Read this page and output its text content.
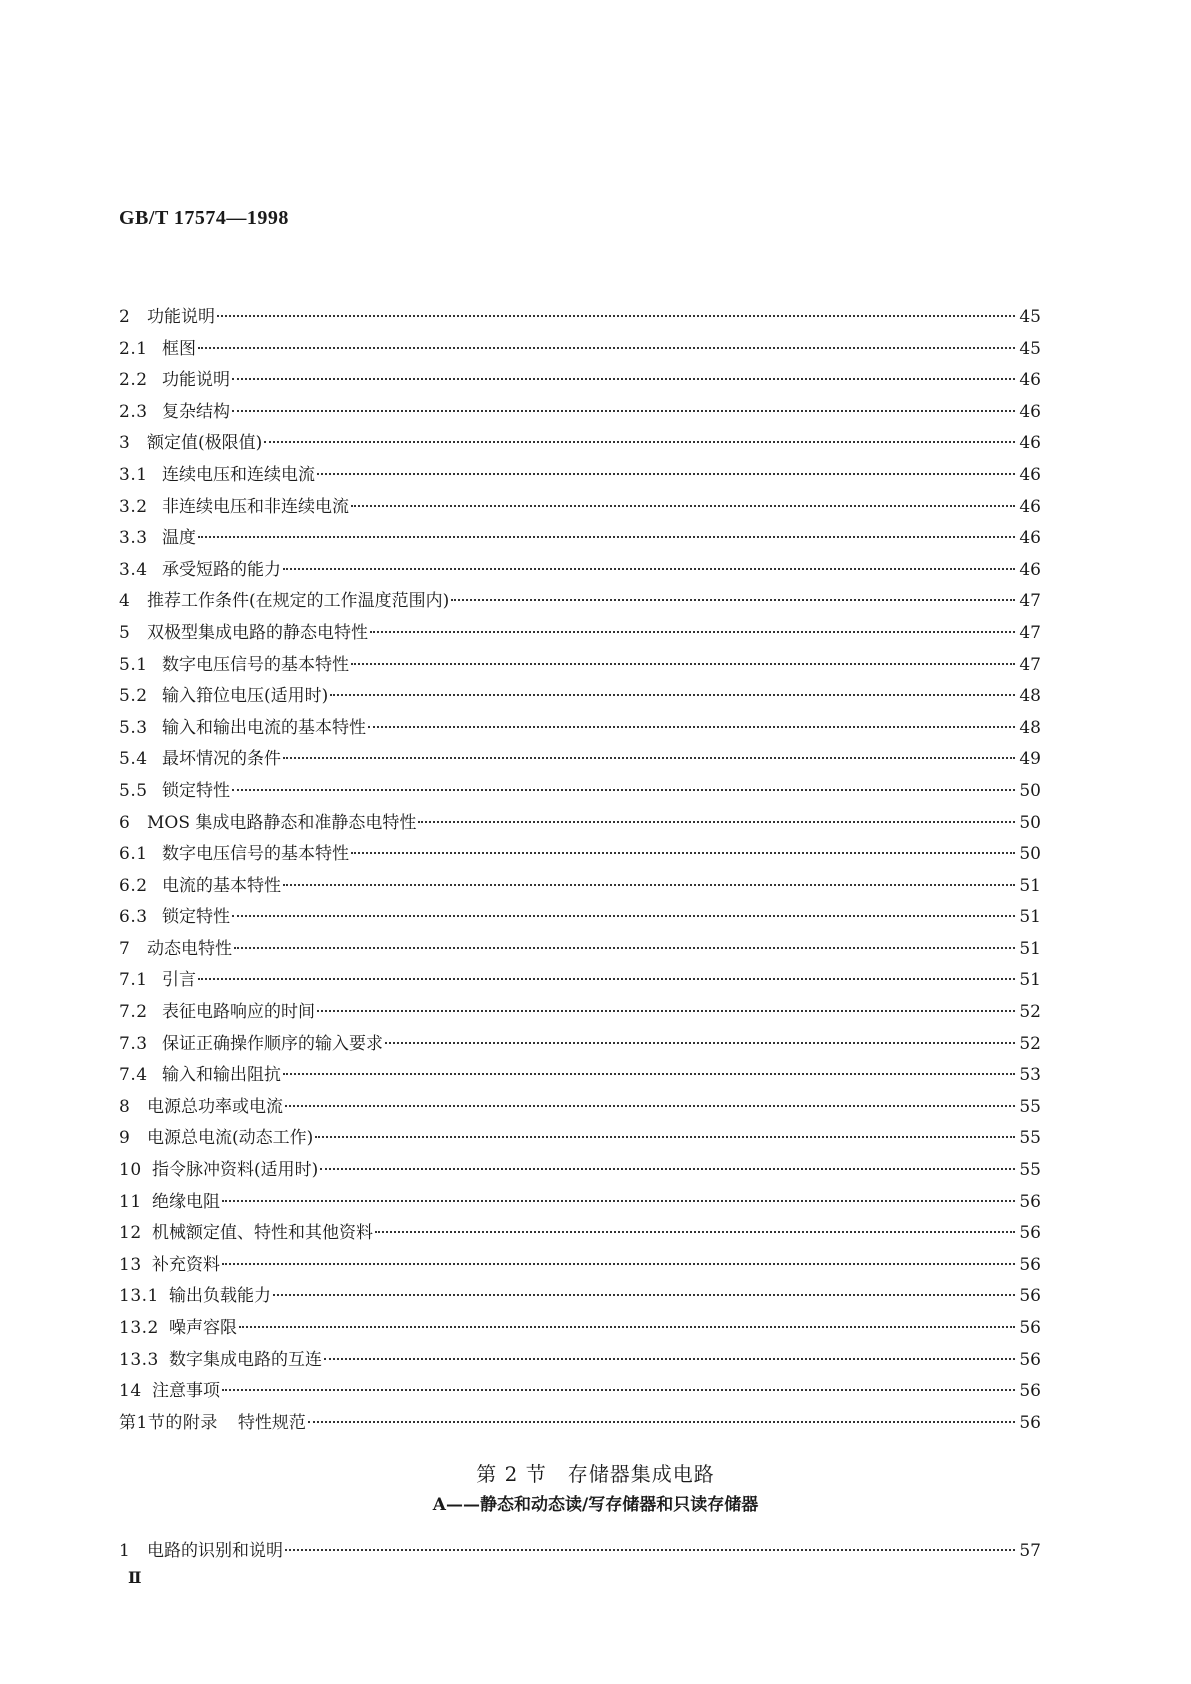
GB/T 17574—1998
2 功能说明	45
2.1 框图	45
2.2 功能说明	46
2.3 复杂结构	46
3 额定值(极限值)	46
3.1 连续电压和连续电流	46
3.2 非连续电压和非连续电流	46
3.3 温度	46
3.4 承受短路的能力	46
4 推荐工作条件(在规定的工作温度范围内)	47
5 双极型集成电路的静态电特性	47
5.1 数字电压信号的基本特性	47
5.2 输入箝位电压(适用时)	48
5.3 输入和输出电流的基本特性	48
5.4 最坏情况的条件	49
5.5 锁定特性	50
6 MOS 集成电路静态和准静态电特性	50
6.1 数字电压信号的基本特性	50
6.2 电流的基本特性	51
6.3 锁定特性	51
7 动态电特性	51
7.1 引言	51
7.2 表征电路响应的时间	52
7.3 保证正确操作顺序的输入要求	52
7.4 输入和输出阻抗	53
8 电源总功率或电流	55
9 电源总电流(动态工作)	55
10 指令脉冲资料(适用时)	55
11 绝缘电阻	56
12 机械额定值、特性和其他资料	56
13 补充资料	56
13.1 输出负载能力	56
13.2 噪声容限	56
13.3 数字集成电路的互连	56
14 注意事项	56
第1节的附录 特性规范	56
第 2 节　存储器集成电路
A——静态和动态读/写存储器和只读存储器
1 电路的识别和说明	57
Ⅱ
